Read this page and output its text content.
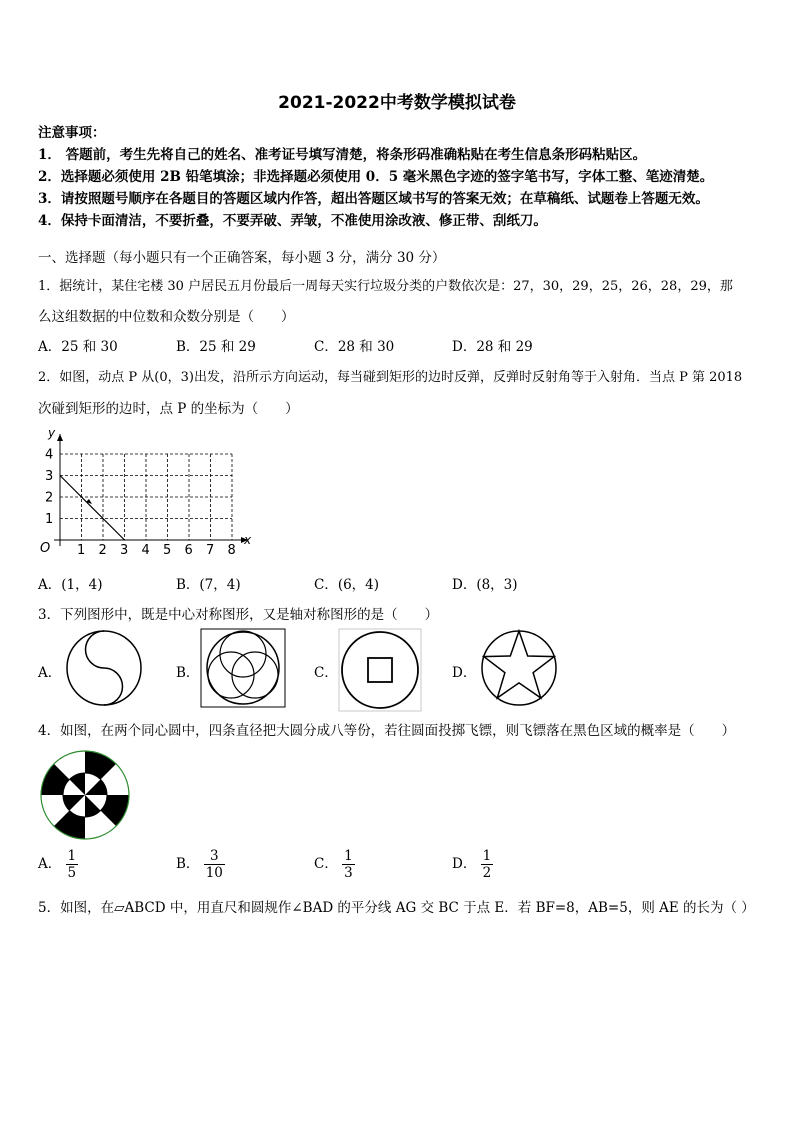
2021-2022中考数学模拟试卷
注意事项：
1． 答题前，考生先将自己的姓名、准考证号填写清楚，将条形码准确粘贴在考生信息条形码粘贴区。
2．选择题必须使用 2B 铅笔填涂；非选择题必须使用 0．5 毫米黑色字迹的签字笔书写，字体工整、笔迹清楚。
3．请按照题号顺序在各题目的答题区域内作答，超出答题区域书写的答案无效；在草稿纸、试题卷上答题无效。
4．保持卡面清洁，不要折叠，不要弄破、弄皱，不准使用涂改液、修正带、刮纸刀。
一、选择题（每小题只有一个正确答案，每小题 3 分，满分 30 分）
1．据统计，某住宅楼 30 户居民五月份最后一周每天实行垃圾分类的户数依次是：27，30，29，25，26，28，29，那
么这组数据的中位数和众数分别是（　　）
A．25 和 30	B．25 和 29	C．28 和 30	D．28 和 29
2．如图，动点 P 从(0，3)出发，沿所示方向运动，每当碰到矩形的边时反弹，反弹时反射角等于入射角．当点 P 第 2018
次碰到矩形的边时，点 P 的坐标为（　　）
y
x
O 1 2 3 4 5 6 7 8
1
2
3
4
A．(1，4)	B．(7，4)	C．(6，4)	D．(8，3)
3．下列图形中，既是中心对称图形，又是轴对称图形的是（　　）
A．	B．	C．	D．
4．如图，在两个同心圆中，四条直径把大圆分成八等份，若往圆面投掷飞镖，则飞镖落在黑色区域的概率是（　　）
A． $\frac{1}{5}$	B． $\frac{3}{10}$	C． $\frac{1}{3}$	D． $\frac{1}{2}$
5．如图，在▱ABCD 中，用直尺和圆规作∠BAD 的平分线 AG 交 BC 于点 E．若 BF=8，AB=5，则 AE 的长为（ ）
